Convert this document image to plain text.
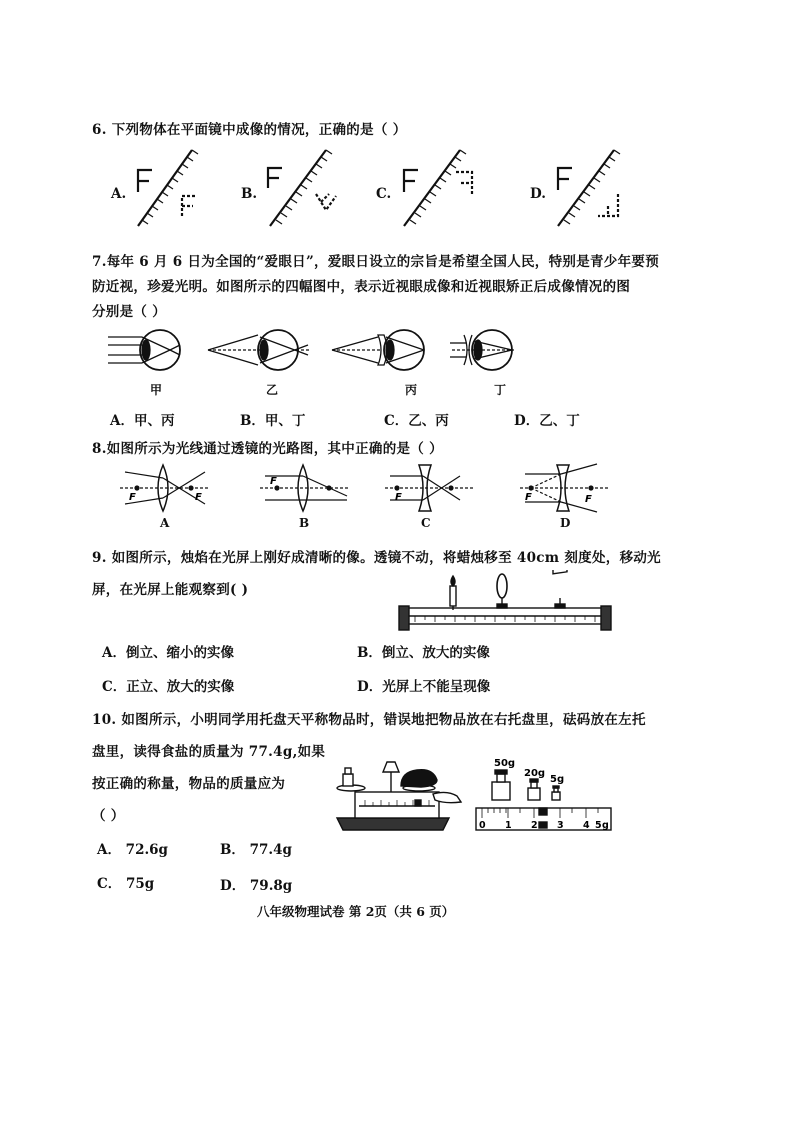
6. 下列物体在平面镜中成像的情况，正确的是（ ）
A.	B.	C.	D.
7.每年 6 月 6 日为全国的“爱眼日”，爱眼日设立的宗旨是希望全国人民，特别是青少年要预
防近视，珍爱光明。如图所示的四幅图中，表示近视眼成像和近视眼矫正后成像情况的图
分别是（ ）
甲	乙	丙	丁
A．甲、丙	B．甲、丁	C．乙、丙	D．乙、丁
8.如图所示为光线通过透镜的光路图，其中正确的是（ ）
F	F
F
F	F	F
A	B	C	D
9. 如图所示，烛焰在光屏上刚好成清晰的像。透镜不动，将蜡烛移至 40cm 刻度处，移动光
屏，在光屏上能观察到( )
A．倒立、缩小的实像	B．倒立、放大的实像
C．正立、放大的实像	D．光屏上不能呈现像
10. 如图所示，小明同学用托盘天平称物品时，错误地把物品放在右托盘里，砝码放在左托
盘里，读得食盐的质量为 77.4g,如果
按正确的称量，物品的质量应为
（ ）
50g
20g
5g
0 1 2 3 4 5 g
A． 72.6g	B． 77.4g
C． 75g	D． 79.8g
八年级物理试卷 第 2页（共 6 页）
